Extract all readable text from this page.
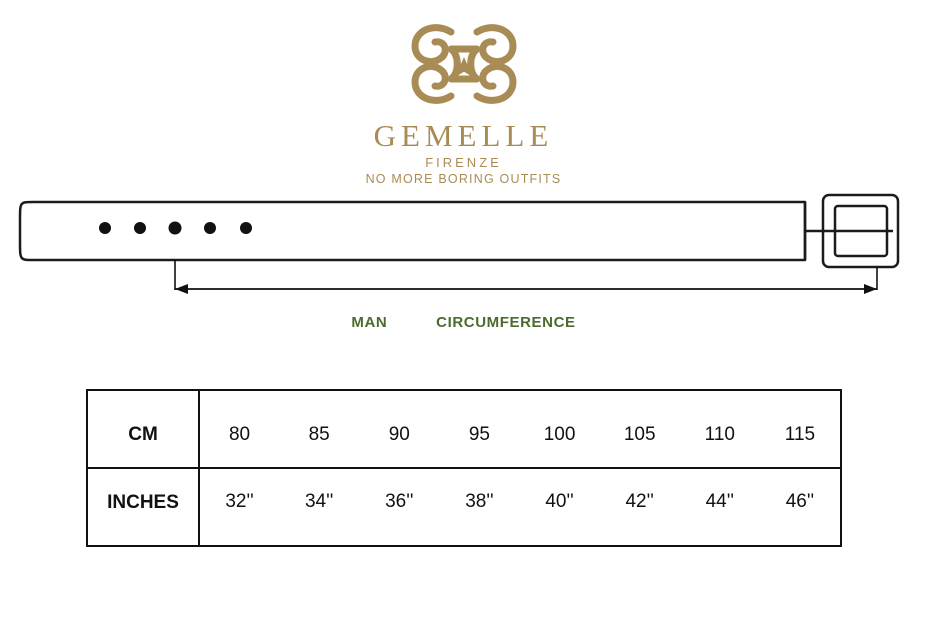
GEMELLE
FIRENZE
NO MORE BORING OUTFITS
MAN	CIRCUMFERENCE
CM	80	85	90	95	100	105	110	115
INCHES	32''	34''	36''	38''	40''	42''	44''	46''
